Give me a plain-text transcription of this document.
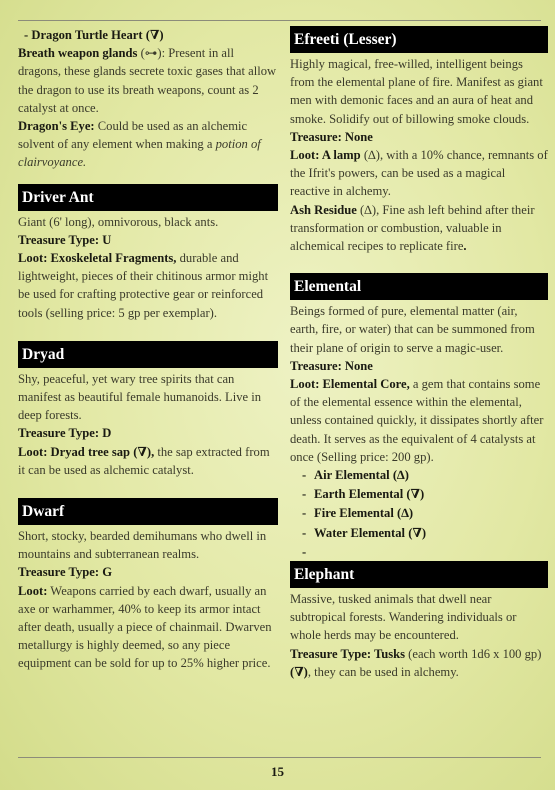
- Dragon Turtle Heart (∇)

Breath weapon glands (⊶): Present in all dragons, these glands secrete toxic gases that allow the dragon to use its breath weapons, count as 2 catalyst at once.

Dragon's Eye: Could be used as an alchemic solvent of any element when making a potion of clairvoyance.

Driver Ant

Giant (6' long), omnivorous, black ants.

Treasure Type: U

Loot: Exoskeletal Fragments, durable and lightweight, pieces of their chitinous armor might be used for crafting protective gear or reinforced tools (selling price: 5 gp per exemplar).

Dryad

Shy, peaceful, yet wary tree spirits that can manifest as beautiful female humanoids. Live in deep forests.

Treasure Type: D

Loot: Dryad tree sap (∇), the sap extracted from it can be used as alchemic catalyst.

Dwarf

Short, stocky, bearded demihumans who dwell in mountains and subterranean realms.

Treasure Type: G

Loot: Weapons carried by each dwarf, usually an axe or warhammer, 40% to keep its armor intact after death, usually a piece of chainmail. Dwarven metallurgy is highly deemed, so any piece equipment can be sold for up to 25% higher price.

Efreeti (Lesser)

Highly magical, free-willed, intelligent beings from the elemental plane of fire. Manifest as giant men with demonic faces and an aura of heat and smoke. Solidify out of billowing smoke clouds.

Treasure: None

Loot: A lamp (∆), with a 10% chance, remnants of the Ifrit's powers, can be used as a magical reactive in alchemy.

Ash Residue (∆), Fine ash left behind after their transformation or combustion, valuable in alchemical recipes to replicate fire.

Elemental

Beings formed of pure, elemental matter (air, earth, fire, or water) that can be summoned from their plane of origin to serve a magic-user.

Treasure: None

Loot: Elemental Core, a gem that contains some of the elemental essence within the elemental, unless contained quickly, it dissipates shortly after death. It serves as the equivalent of 4 catalysts at once (Selling price: 200 gp).

- Air Elemental (∆)

- Earth Elemental (∇)

- Fire Elemental (∆)

- Water Elemental (∇)

-

Elephant

Massive, tusked animals that dwell near subtropical forests. Wandering individuals or whole herds may be encountered.

Treasure Type: Tusks (each worth 1d6 x 100 gp) (∇), they can be used in alchemy.

15
